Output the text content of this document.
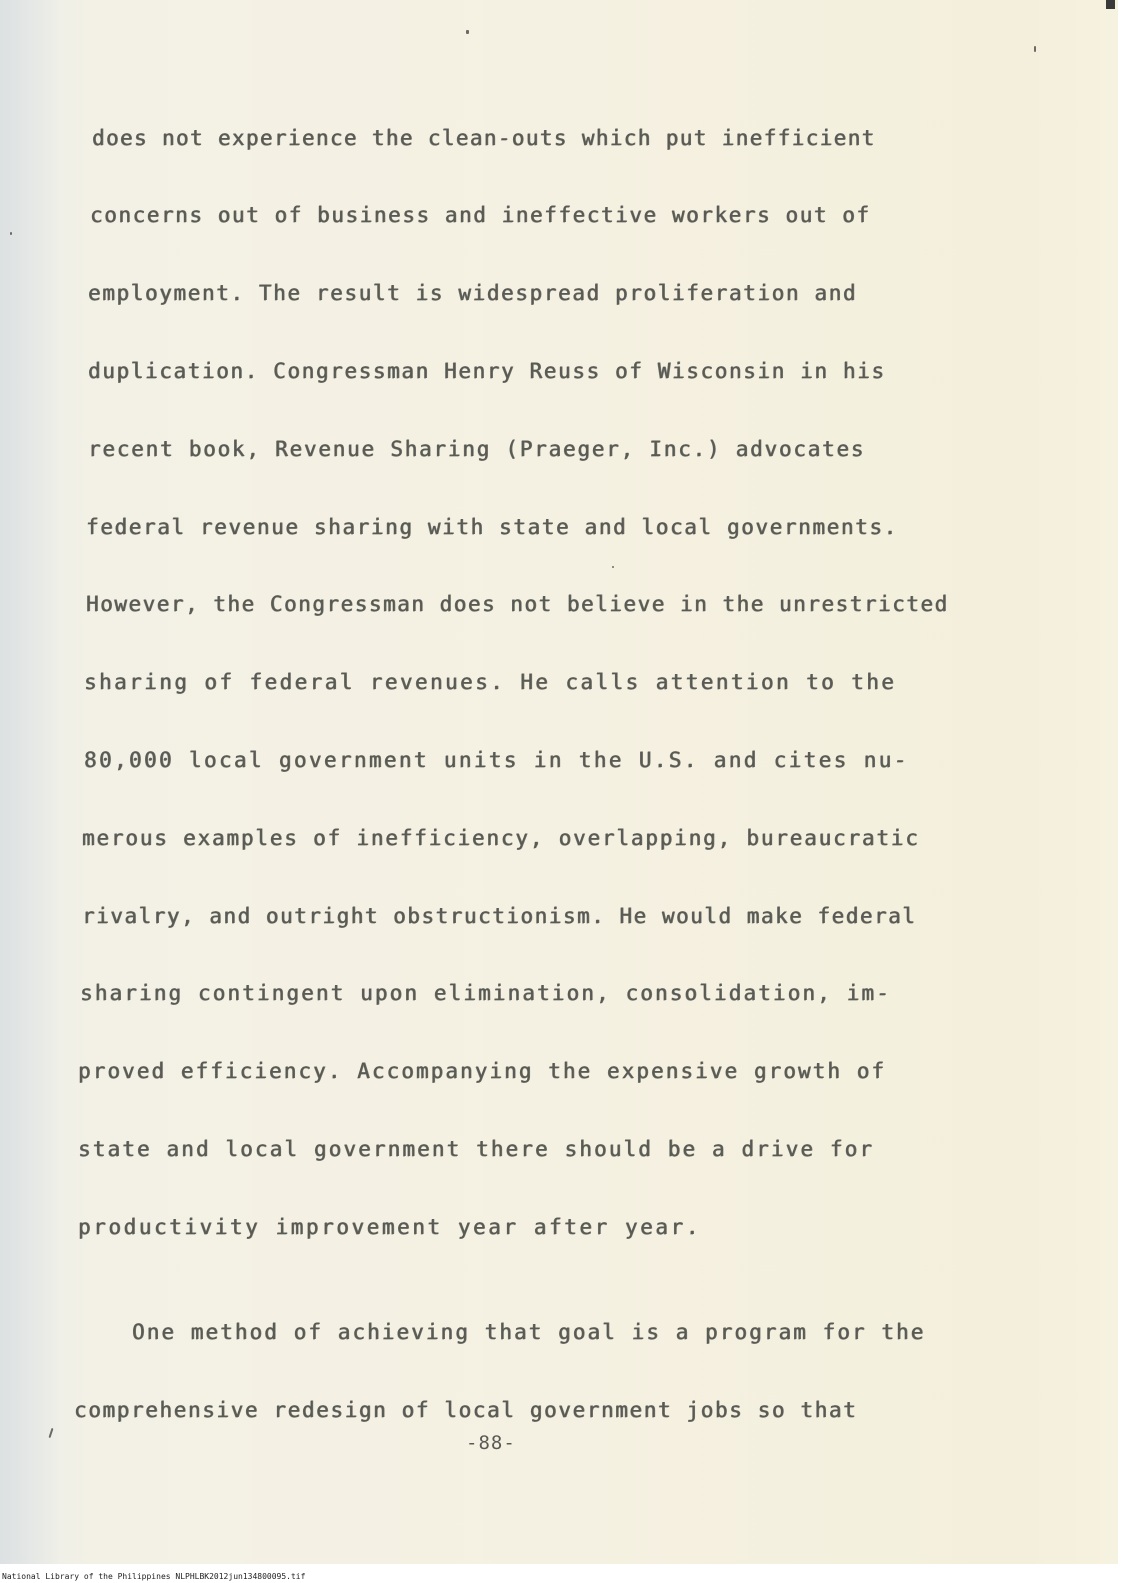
does not experience the clean-outs which put inefficient

concerns out of business and ineffective workers out of

employment. The result is widespread proliferation and

duplication. Congressman Henry Reuss of Wisconsin in his

recent book, Revenue Sharing (Praeger, Inc.) advocates

federal revenue sharing with state and local governments.

However, the Congressman does not believe in the unrestricted

sharing of federal revenues. He calls attention to the

80,000 local government units in the U.S. and cites nu-

merous examples of inefficiency, overlapping, bureaucratic

rivalry, and outright obstructionism. He would make federal

sharing contingent upon elimination, consolidation, im-

proved efficiency. Accompanying the expensive growth of

state and local government there should be a drive for

productivity improvement year after year.

One method of achieving that goal is a program for the

comprehensive redesign of local government jobs so that

-88-

National Library of the Philippines NLPHLBK2012jun134800095.tif
